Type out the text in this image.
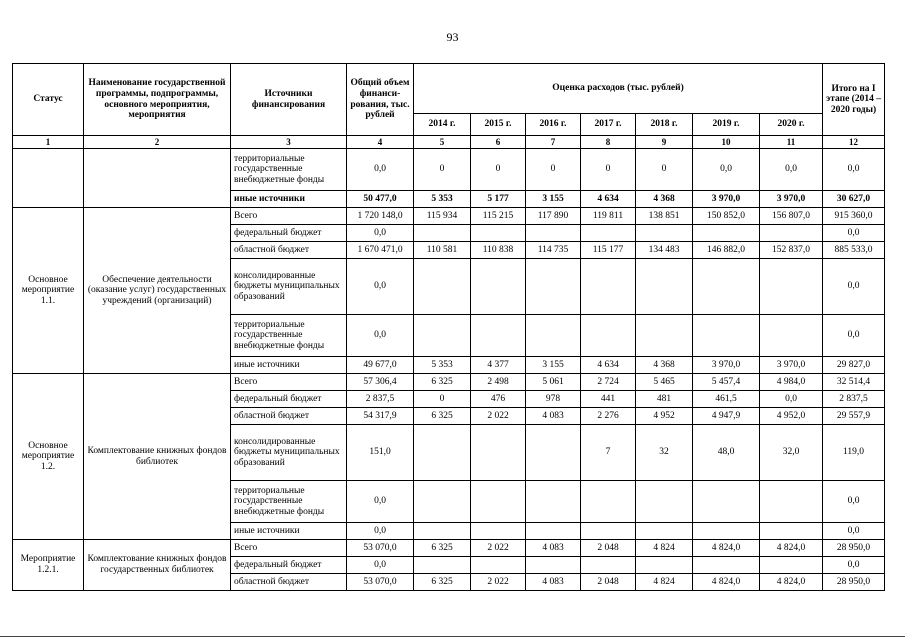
93
Статус	Наименование государственной программы, подпрограммы, основного мероприятия, мероприятия	Источники финансирования	Общий объем финанси-рования, тыс. рублей	Оценка расходов (тыс. рублей)							Итого на I этапе (2014 – 2020 годы)
				2014 г.	2015 г.	2016 г.	2017 г.	2018 г.	2019 г.	2020 г.	
1	2	3	4	5	6	7	8	9	10	11	12
		территориальные государственные внебюджетные фонды	0,0	0	0	0	0	0	0,0	0,0	0,0
		иные источники	50 477,0	5 353	5 177	3 155	4 634	4 368	3 970,0	3 970,0	30 627,0
Основное мероприятие 1.1.	Обеспечение деятельности (оказание услуг) государственных учреждений (организаций)	Всего	1 720 148,0	115 934	115 215	117 890	119 811	138 851	150 852,0	156 807,0	915 360,0
		федеральный бюджет	0,0								0,0
		областной бюджет	1 670 471,0	110 581	110 838	114 735	115 177	134 483	146 882,0	152 837,0	885 533,0
		консолидированные бюджеты муниципальных образований	0,0								0,0
		территориальные государственные внебюджетные фонды	0,0								0,0
		иные источники	49 677,0	5 353	4 377	3 155	4 634	4 368	3 970,0	3 970,0	29 827,0
Основное мероприятие 1.2.	Комплектование книжных фондов библиотек	Всего	57 306,4	6 325	2 498	5 061	2 724	5 465	5 457,4	4 984,0	32 514,4
		федеральный бюджет	2 837,5	0	476	978	441	481	461,5	0,0	2 837,5
		областной бюджет	54 317,9	6 325	2 022	4 083	2 276	4 952	4 947,9	4 952,0	29 557,9
		консолидированные бюджеты муниципальных образований	151,0				7	32	48,0	32,0	119,0
		территориальные государственные внебюджетные фонды	0,0								0,0
		иные источники	0,0								0,0
Мероприятие 1.2.1.	Комплектование книжных фондов государственных библиотек	Всего	53 070,0	6 325	2 022	4 083	2 048	4 824	4 824,0	4 824,0	28 950,0
		федеральный бюджет	0,0								0,0
		областной бюджет	53 070,0	6 325	2 022	4 083	2 048	4 824	4 824,0	4 824,0	28 950,0
